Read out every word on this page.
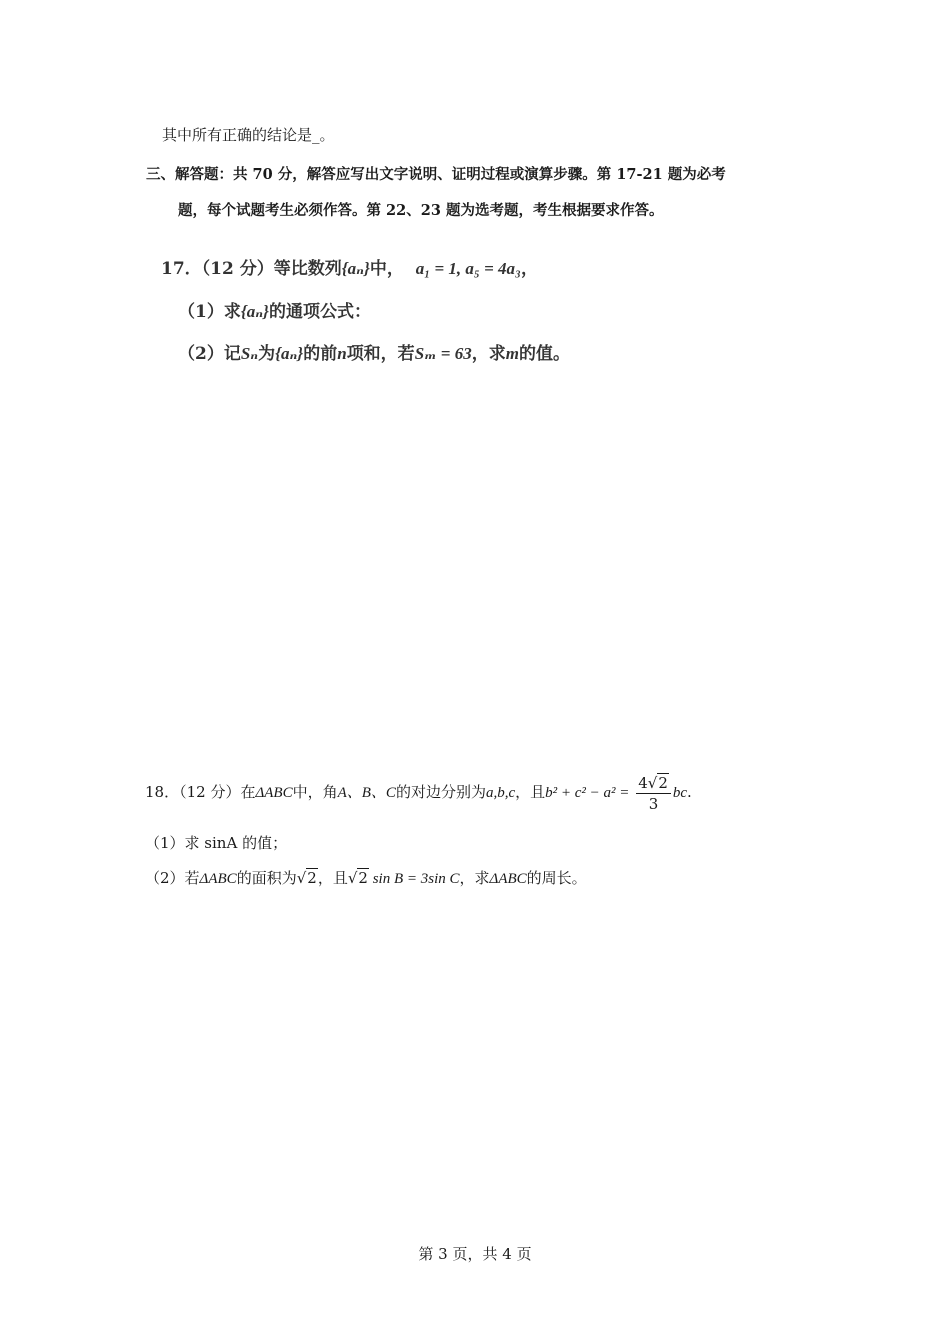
其中所有正确的结论是_。
三、解答题：共 70 分，解答应写出文字说明、证明过程或演算步骤。第 17-21 题为必考
题，每个试题考生必须作答。第 22、23 题为选考题，考生根据要求作答。
17．（12 分）等比数列{aₙ}中， a₁ = 1, a₅ = 4a₃，
（1）求{aₙ}的通项公式：
（2）记Sₙ为{aₙ}的前n项和，若Sₘ = 63，求m的值。
18．（12 分）在ΔABC中，角A、B、C的对边分别为a,b,c，且$b^2 + c^2 - a^2 = \frac{4√2}{3}$ bc.
（1）求 sinA 的值；
（2）若ΔABC的面积为√2，且√2 sin B = 3sin C，求ΔABC的周长。
第 3 页，共 4 页
